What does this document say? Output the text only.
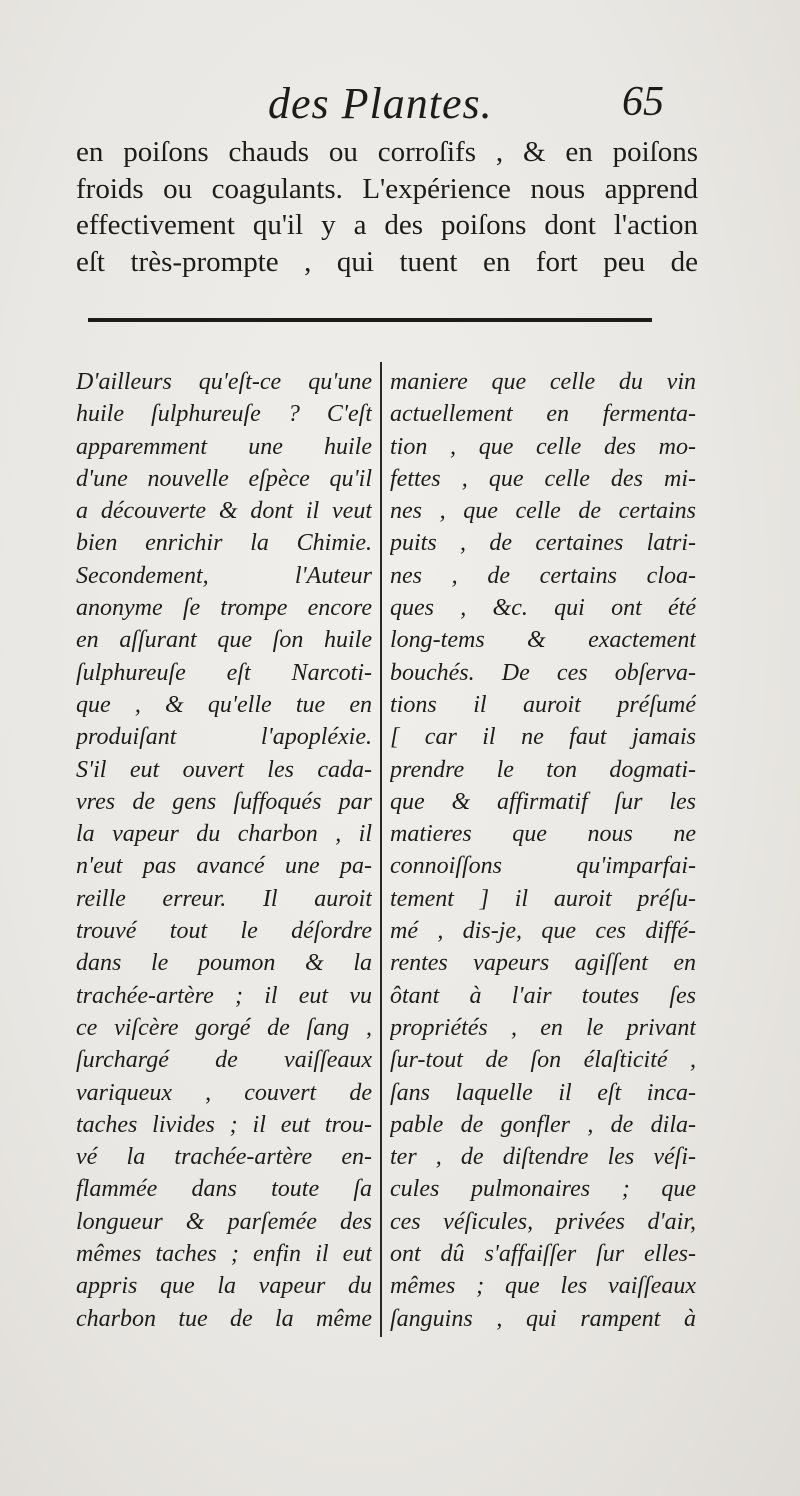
des Plantes.	65
en poiſons chauds ou corroſifs , & en poiſons
froids ou coagulants. L'expérience nous apprend
effectivement qu'il y a des poiſons dont l'action
eſt très-prompte , qui tuent en fort peu de
D'ailleurs qu'eſt-ce qu'une
huile ſulphureuſe ? C'eſt
apparemment une huile
d'une nouvelle eſpèce qu'il
a découverte & dont il veut
bien enrichir la Chimie.
Secondement, l'Auteur
anonyme ſe trompe encore
en aſſurant que ſon huile
ſulphureuſe eſt Narcoti-
que , & qu'elle tue en
produiſant l'apopléxie.
S'il eut ouvert les cada-
vres de gens ſuffoqués par
la vapeur du charbon , il
n'eut pas avancé une pa-
reille erreur. Il auroit
trouvé tout le déſordre
dans le poumon & la
trachée-artère ; il eut vu
ce viſcère gorgé de ſang ,
ſurchargé de vaiſſeaux
variqueux , couvert de
taches livides ; il eut trou-
vé la trachée-artère en-
flammée dans toute ſa
longueur & parſemée des
mêmes taches ; enfin il eut
appris que la vapeur du
charbon tue de la même
maniere que celle du vin
actuellement en fermenta-
tion , que celle des mo-
fettes , que celle des mi-
nes , que celle de certains
puits , de certaines latri-
nes , de certains cloa-
ques , &c. qui ont été
long-tems & exactement
bouchés. De ces obſerva-
tions il auroit préſumé
[ car il ne faut jamais
prendre le ton dogmati-
que & affirmatif ſur les
matieres que nous ne
connoiſſons qu'imparfai-
tement ] il auroit préſu-
mé , dis-je, que ces diffé-
rentes vapeurs agiſſent en
ôtant à l'air toutes ſes
propriétés , en le privant
ſur-tout de ſon élaſticité ,
ſans laquelle il eſt inca-
pable de gonfler , de dila-
ter , de diſtendre les véſi-
cules pulmonaires ; que
ces véſicules, privées d'air,
ont dû s'affaiſſer ſur elles-
mêmes ; que les vaiſſeaux
ſanguins , qui rampent à
